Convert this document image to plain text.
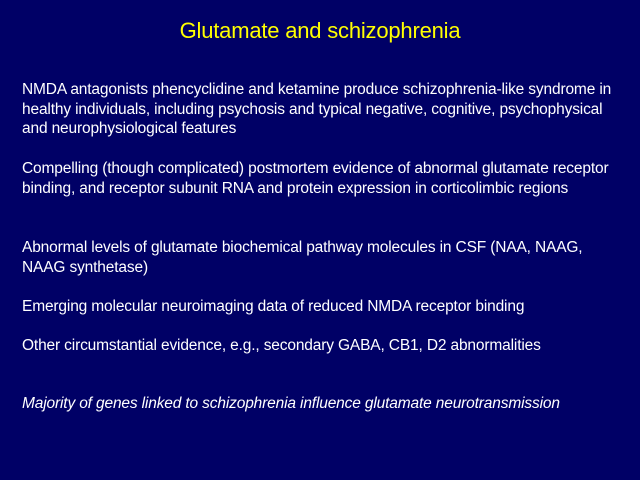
Glutamate and schizophrenia

NMDA antagonists phencyclidine and ketamine produce schizophrenia-like syndrome in healthy individuals, including psychosis and typical negative, cognitive, psychophysical and neurophysiological features

Compelling (though complicated) postmortem evidence of abnormal glutamate receptor binding, and receptor subunit RNA and protein expression in corticolimbic regions

Abnormal levels of glutamate biochemical pathway molecules in CSF (NAA, NAAG, NAAG synthetase)

Emerging molecular neuroimaging data of reduced NMDA receptor binding

Other circumstantial evidence, e.g., secondary GABA, CB1, D2 abnormalities

Majority of genes linked to schizophrenia influence glutamate neurotransmission
